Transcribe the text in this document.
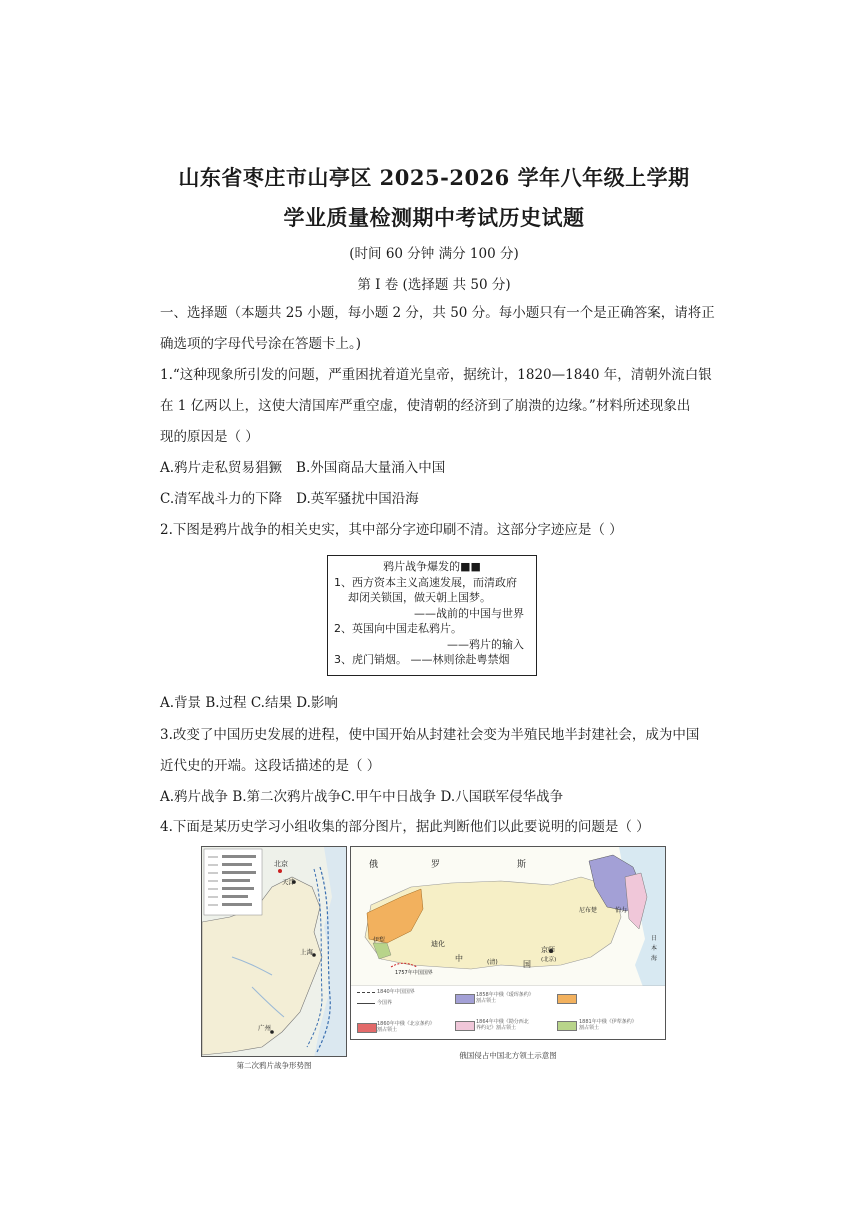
山东省枣庄市山亭区 2025-2026 学年八年级上学期
学业质量检测期中考试历史试题
(时间 60 分钟 满分 100 分)
第 I 卷 (选择题 共 50 分)
一、选择题（本题共 25 小题，每小题 2 分，共 50 分。每小题只有一个是正确答案，请将正
确选项的字母代号涂在答题卡上。)
1.“这种现象所引发的问题，严重困扰着道光皇帝，据统计，1820—1840 年，清朝外流白银
在 1 亿两以上，这使大清国库严重空虚，使清朝的经济到了崩溃的边缘。”材料所述现象出
现的原因是（ ）
A.鸦片走私贸易猖獗 B.外国商品大量涌入中国
C.清军战斗力的下降 D.英军骚扰中国沿海
2.下图是鸦片战争的相关史实，其中部分字迹印刷不清。这部分字迹应是（ ）
鸦片战争爆发的■■
1、西方资本主义高速发展，而清政府
却闭关锁国，做天朝上国梦。
——战前的中国与世界
2、英国向中国走私鸦片。
——鸦片的输入
3、虎门销烟。 ——林则徐赴粤禁烟
A.背景 B.过程 C.结果 D.影响
3.改变了中国历史发展的进程，使中国开始从封建社会变为半殖民地半封建社会，成为中国
近代史的开端。这段话描述的是（ ）
A.鸦片战争 B.第二次鸦片战争C.甲午中日战争 D.八国联军侵华战争
4.下面是某历史学习小组收集的部分图片，据此判断他们以此要说明的问题是（ ）
北京
天津
广州
上海
第二次鸦片战争形势图
俄	罗	斯
伊犁	迪化
中
国
京师
(北京)
(清)
尼布楚	伯力
日
本
海
1757年中国国界
1840年中国国界
今国界
1860年中俄《北京条约》割占领土
1858年中俄《瑷珲条约》割占领土
1864年中俄《勘分西北界约记》割占领土
1881年中俄《伊犁条约》割占领土
俄国侵占中国北方领土示意图
